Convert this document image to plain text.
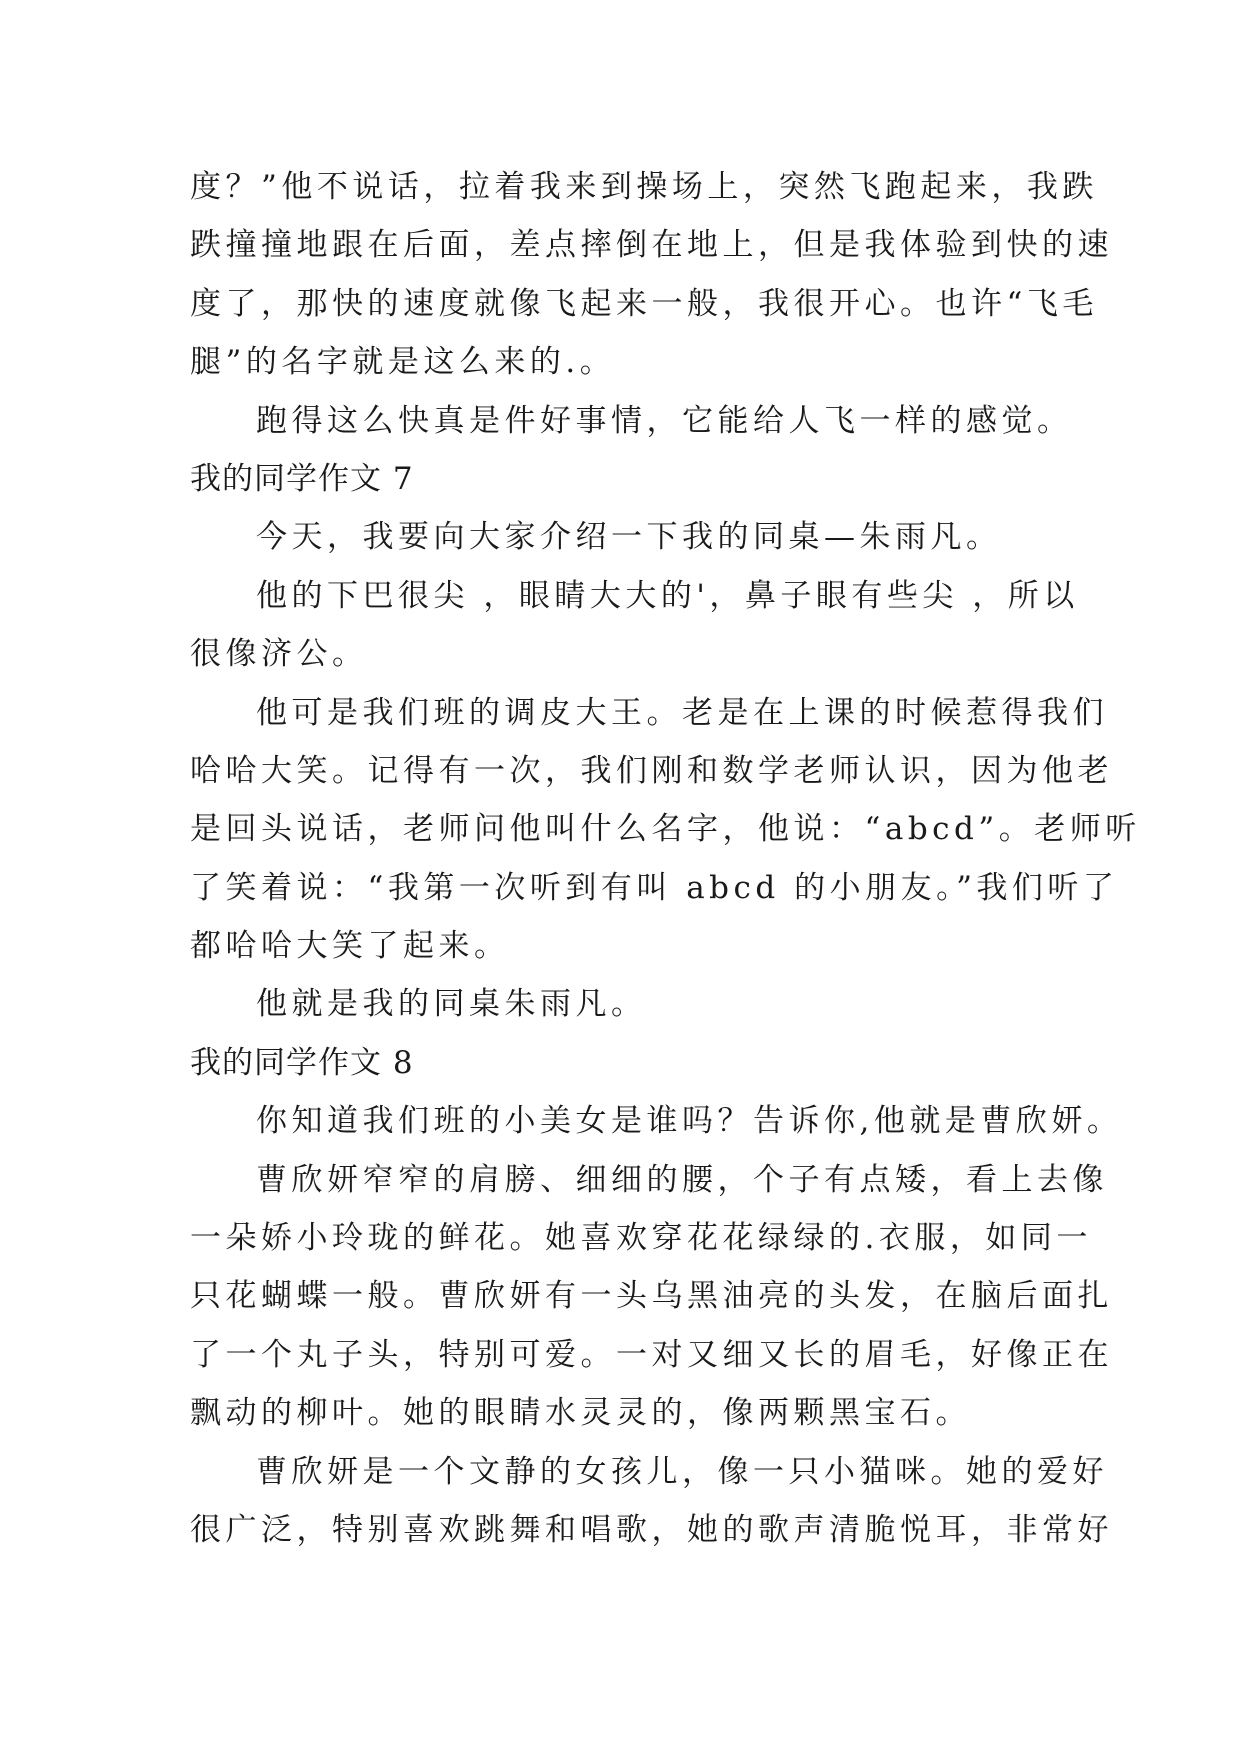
度？”他不说话，拉着我来到操场上，突然飞跑起来，我跌
跌撞撞地跟在后面，差点摔倒在地上，但是我体验到快的速
度了，那快的速度就像飞起来一般，我很开心。也许“飞毛
腿”的名字就是这么来的.。
跑得这么快真是件好事情，它能给人飞一样的感觉。
我的同学作文 7
今天，我要向大家介绍一下我的同桌—朱雨凡。
他的下巴很尖 ，眼睛大大的'，鼻子眼有些尖 ，所以
很像济公。
他可是我们班的调皮大王。老是在上课的时候惹得我们
哈哈大笑。记得有一次，我们刚和数学老师认识，因为他老
是回头说话，老师问他叫什么名字，他说：“abcd”。老师听
了笑着说：“我第一次听到有叫 abcd 的小朋友。”我们听了
都哈哈大笑了起来。
他就是我的同桌朱雨凡。
我的同学作文 8
你知道我们班的小美女是谁吗？告诉你,他就是曹欣妍。
曹欣妍窄窄的肩膀、细细的腰，个子有点矮，看上去像
一朵娇小玲珑的鲜花。她喜欢穿花花绿绿的.衣服，如同一
只花蝴蝶一般。曹欣妍有一头乌黑油亮的头发，在脑后面扎
了一个丸子头，特别可爱。一对又细又长的眉毛，好像正在
飘动的柳叶。她的眼睛水灵灵的，像两颗黑宝石。
曹欣妍是一个文静的女孩儿，像一只小猫咪。她的爱好
很广泛，特别喜欢跳舞和唱歌，她的歌声清脆悦耳，非常好
